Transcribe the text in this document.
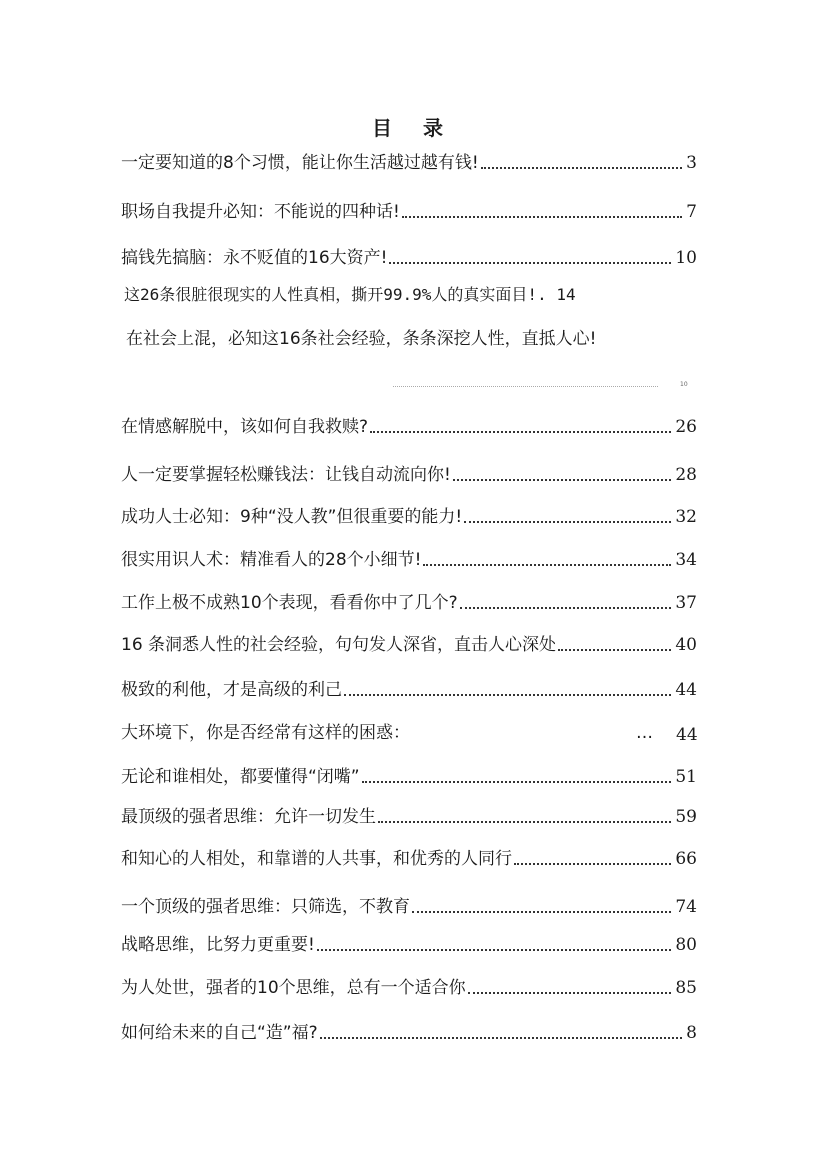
目 录
一定要知道的8个习惯，能让你生活越过越有钱!	3
职场自我提升必知：不能说的四种话!	7
搞钱先搞脑：永不贬值的16大资产!	10
这26条很脏很现实的人性真相，撕开99.9%人的真实面目!. 14
在社会上混，必知这16条社会经验，条条深挖人性，直抵人心!
10
在情感解脱中，该如何自我救赎?	26
人一定要掌握轻松赚钱法：让钱自动流向你!	28
成功人士必知：9种“没人教”但很重要的能力!	32
很实用识人术：精准看人的28个小细节!	34
工作上极不成熟10个表现，看看你中了几个?	37
16 条洞悉人性的社会经验，句句发人深省，直击人心深处	40
极致的利他，才是高级的利己	44
大环境下，你是否经常有这样的困惑：	… 44
无论和谁相处，都要懂得“闭嘴”	51
最顶级的强者思维：允许一切发生	59
和知心的人相处，和靠谱的人共事，和优秀的人同行	66
一个顶级的强者思维：只筛选，不教育	74
战略思维，比努力更重要!	80
为人处世，强者的10个思维，总有一个适合你	85
如何给未来的自己“造”福?	8
